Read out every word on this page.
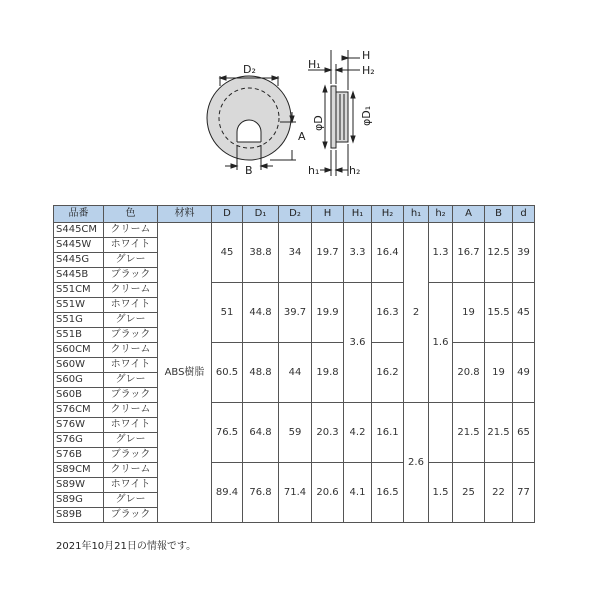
D₂
B
A
H
H₁	H₂
φD	φD₁
h₁	h₂
品番	色	材料	D	D₁	D₂	H	H₁	H₂	h₁	h₂	A	B	d
S445CM	クリーム	ABS樹脂	45	38.8	34	19.7	3.3	16.4	2	1.3	16.7	12.5	39
S445W	ホワイト												
S445G	グレー												
S445B	ブラック												
S51CM	クリーム		51	44.8	39.7	19.9	3.6	16.3		1.6	19	15.5	45
S51W	ホワイト												
S51G	グレー												
S51B	ブラック												
S60CM	クリーム		60.5	48.8	44	19.8		16.2			20.8	19	49
S60W	ホワイト												
S60G	グレー												
S60B	ブラック												
S76CM	クリーム		76.5	64.8	59	20.3	4.2	16.1	2.6		21.5	21.5	65
S76W	ホワイト												
S76G	グレー												
S76B	ブラック												
S89CM	クリーム		89.4	76.8	71.4	20.6	4.1	16.5		1.5	25	22	77
S89W	ホワイト												
S89G	グレー												
S89B	ブラック												
2021年10月21日の情報です。
